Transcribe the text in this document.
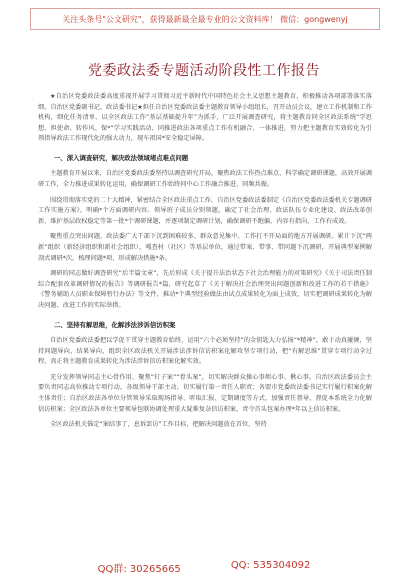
关注头条号"公文研究"，获得最新最全最专业的公文资料库！ 微信：gongwenyj
党委政法委专题活动阶段性工作报告

★自治区党委政法委高度重视开展学习贯彻习近平新时代中国特色社会主义思想主题教育，积极推动各项部署落实落细。自治区党委副书记、政法委书记★担任自治区党委政法委主题教育领导小组组长，召开动员会议，建立工作机制和工作机构，细化任务清单，以全区政法工作“基层基础提升年”为抓手，广泛开展调查研究，将主题教育同全区政法系统“学思想、担使命、转作风、保*”学习实践活动、同推进政法各项重点工作有机融合，一体推进，努力把主题教育实效转化为引领指导政法工作现代化的强大动力，现车祖国*安全稳定屏障。

一、深入调查研究，解决政法领域堵点难点问题

主题教育开展以来，自治区党委政法委坚持以调查研究开局，聚焦政法工作热点难点，科学确定调研课题，高效开展调研工作，全力推进成果转化运用，确保调研工作始终同中心工作融合推进、同频共振。

围绕贯彻落实党的二十大精神，紧密结合全区政法重点工作，自治区党委政法委制定《自治区党委政法委机关专题调研工作实施方案》，明确*个方面调研内容。领导班子成员分别领题，确定了社会治理、政法队伍专业化建设、政法改革创新、维护基层政权稳定等第一批*个调研课题，并逐项制定调研计划，确保调研不跑偏、内容有指向、工作有成效。

聚焦重点突出问题，政法委广大干部下沉到困难较多、群众意见集中、工作打不开局面的地方开展调研。累计下沉“两新”组织（新经济组织和新社会组织），嘎查村（社区）等基层单位，通过带案、带事、带问题下沉调研，开展典型案例解剖式调研*次，梳理问题*项，形成解决措施*条。

调研的同志做好调查研究“后半篇文章”，先后形成《关于提升法治状态下社会治理能力的对策研究》《关于司法责任制综合配套改革调研情况的报告》等调研报告*篇，研究起草了《关于解决社会治理突出问题创新和改进工作的若干措施》《警务辅助人员职业保障暂行办法》等文件，推动*个典型经验做法由试点成果转化为面上成效，切实把调研成果转化为解决问题、改进工作的实际举措。

二、坚持有解思维，化解涉法涉诉信访积案

自治区党委政法委把以学促干贯穿主题教育始终，运用“六个必须坚持”的金钥匙大力弘扬“*精神”，敢于动真碰硬，坚持问题导向，结果导向，组织全区政法机关开展涉法涉诉信访积案化解攻坚专项行动，把“有解思维”贯穿专项行动全过程，真正将主题教育成果转化为涉法涉诉信访积案化解实效。

充分发挥领导同志主心骨作用，聚焦“钉子案”“骨头案”，切实解决群众操心事烦心事、揪心事。自治区政法委员会主要负责同志高位推动专项行动，各级领导干部主动，切实履行第一责任人职责；各盟市党委政法委书记实行履行积案化解主体责任；自治区政法各单位分管领导采取现场指导、听取汇报、定期调度等方式，加强责任督导，督促本系统全力化解信访积案；全区政法各单位主要领导包联协调处理重大疑难复杂信访积案，责令首头包案办理*年以上信访积案。

全区政法机关锚定“案结事了，息诉罢访”工作目标，把解决问题放在首位，坚持

QQ群: 30265665	QQ: 535304092
